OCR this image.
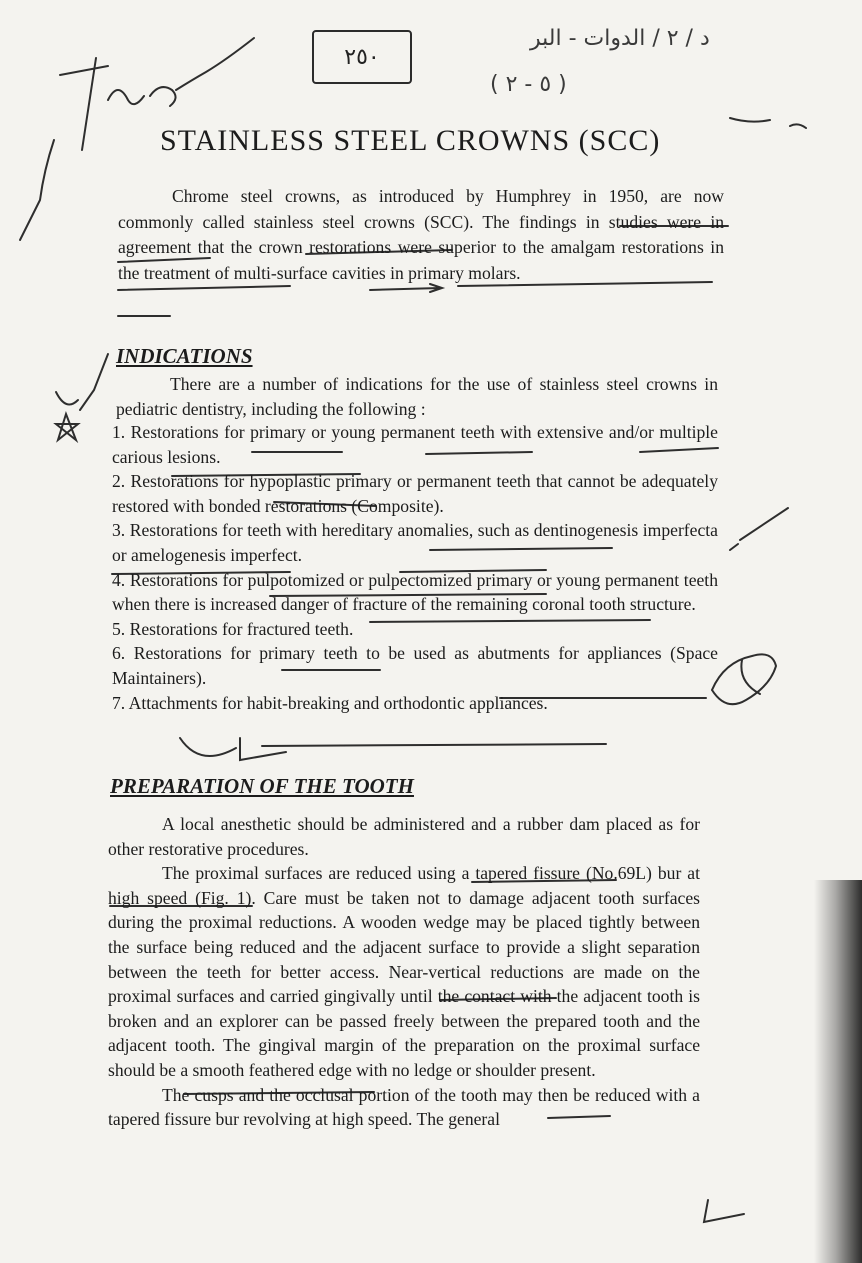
٢٥٠
د / ٢ / الدوات - البر
( ٥ - ٢ )
STAINLESS STEEL CROWNS (SCC)
Chrome steel crowns, as introduced by Humphrey in 1950, are now commonly called stainless steel crowns (SCC). The findings in studies were in agreement that the crown restorations were superior to the amalgam restorations in the treatment of multi-surface cavities in primary molars.
INDICATIONS
There are a number of indications for the use of stainless steel crowns in pediatric dentistry, including the following :

1. Restorations for primary or young permanent teeth with extensive and/or multiple carious lesions.

2. Restorations for hypoplastic primary or permanent teeth that cannot be adequately restored with bonded restorations (Composite).

3. Restorations for teeth with hereditary anomalies, such as dentinogenesis imperfecta or amelogenesis imperfect.

4. Restorations for pulpotomized or pulpectomized primary or young permanent teeth when there is increased danger of fracture of the remaining coronal tooth structure.

5. Restorations for fractured teeth.

6. Restorations for primary teeth to be used as abutments for appliances (Space Maintainers).

7. Attachments for habit-breaking and orthodontic appliances.

PREPARATION OF THE TOOTH

A local anesthetic should be administered and a rubber dam placed as for other restorative procedures.

The proximal surfaces are reduced using a tapered fissure (No.69L) bur at high speed (Fig. 1). Care must be taken not to damage adjacent tooth surfaces during the proximal reductions. A wooden wedge may be placed tightly between the surface being reduced and the adjacent surface to provide a slight separation between the teeth for better access. Near-vertical reductions are made on the proximal surfaces and carried gingivally until the contact with the adjacent tooth is broken and an explorer can be passed freely between the prepared tooth and the adjacent tooth. The gingival margin of the preparation on the proximal surface should be a smooth feathered edge with no ledge or shoulder present.

The cusps and the occlusal portion of the tooth may then be reduced with a tapered fissure bur revolving at high speed. The general
